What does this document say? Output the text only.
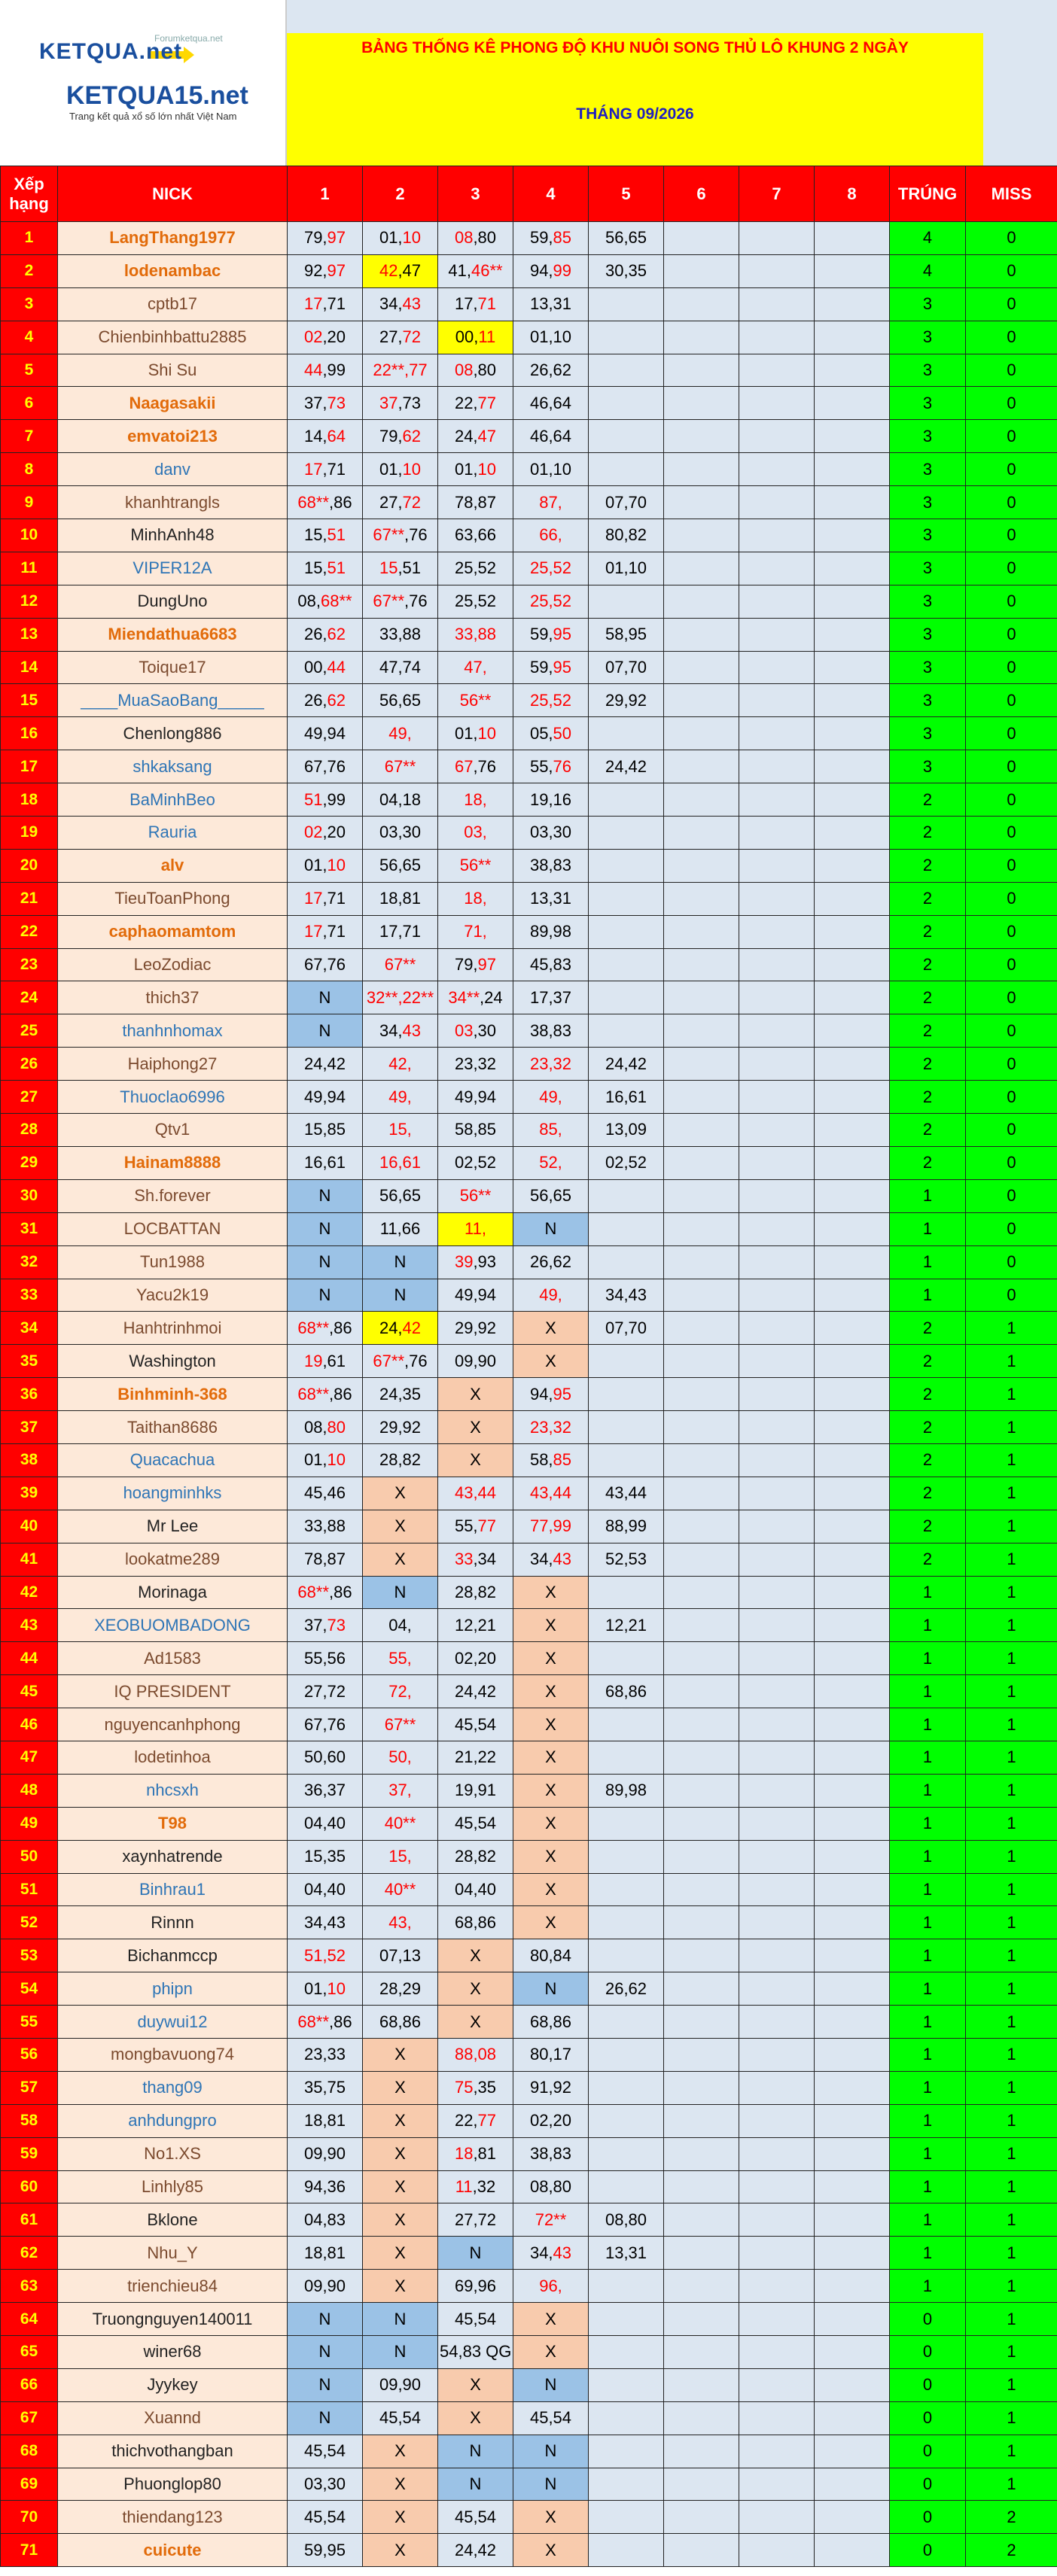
Forumketqua.net
KETQUA.net
KETQUA15.net
Trang kết quả xổ số lớn nhất Việt Nam
BẢNG THỐNG KÊ PHONG ĐỘ KHU NUÔI SONG THỦ LÔ KHUNG 2 NGÀY
THÁNG 09/2026
Xếp hạng	NICK	1	2	3	4	5	6	7	8	TRÚNG	MISS
1	LangThang1977	79,97	01,10	08,80	59,85	56,65				4	0
2	lodenambac	92,97	42,47	41,46**	94,99	30,35				4	0
3	cptb17	17,71	34,43	17,71	13,31					3	0
4	Chienbinhbattu2885	02,20	27,72	00,11	01,10					3	0
5	Shi Su	44,99	22**,77	08,80	26,62					3	0
6	Naagasakii	37,73	37,73	22,77	46,64					3	0
7	emvatoi213	14,64	79,62	24,47	46,64					3	0
8	danv	17,71	01,10	01,10	01,10					3	0
9	khanhtrangls	68**,86	27,72	78,87	87,	07,70				3	0
10	MinhAnh48	15,51	67**,76	63,66	66,	80,82				3	0
11	VIPER12A	15,51	15,51	25,52	25,52	01,10				3	0
12	DungUno	08,68**	67**,76	25,52	25,52					3	0
13	Miendathua6683	26,62	33,88	33,88	59,95	58,95				3	0
14	Toique17	00,44	47,74	47,	59,95	07,70				3	0
15	____MuaSaoBang_____	26,62	56,65	56**	25,52	29,92				3	0
16	Chenlong886	49,94	49,	01,10	05,50					3	0
17	shkaksang	67,76	67**	67,76	55,76	24,42				3	0
18	BaMinhBeo	51,99	04,18	18,	19,16					2	0
19	Rauria	02,20	03,30	03,	03,30					2	0
20	alv	01,10	56,65	56**	38,83					2	0
21	TieuToanPhong	17,71	18,81	18,	13,31					2	0
22	caphaomamtom	17,71	17,71	71,	89,98					2	0
23	LeoZodiac	67,76	67**	79,97	45,83					2	0
24	thich37	N	32**,22**	34**,24	17,37					2	0
25	thanhnhomax	N	34,43	03,30	38,83					2	0
26	Haiphong27	24,42	42,	23,32	23,32	24,42				2	0
27	Thuoclao6996	49,94	49,	49,94	49,	16,61				2	0
28	Qtv1	15,85	15,	58,85	85,	13,09				2	0
29	Hainam8888	16,61	16,61	02,52	52,	02,52				2	0
30	Sh.forever	N	56,65	56**	56,65					1	0
31	LOCBATTAN	N	11,66	11,	N					1	0
32	Tun1988	N	N	39,93	26,62					1	0
33	Yacu2k19	N	N	49,94	49,	34,43				1	0
34	Hanhtrinhmoi	68**,86	24,42	29,92	X	07,70				2	1
35	Washington	19,61	67**,76	09,90	X					2	1
36	Binhminh-368	68**,86	24,35	X	94,95					2	1
37	Taithan8686	08,80	29,92	X	23,32					2	1
38	Quacachua	01,10	28,82	X	58,85					2	1
39	hoangminhks	45,46	X	43,44	43,44	43,44				2	1
40	Mr Lee	33,88	X	55,77	77,99	88,99				2	1
41	lookatme289	78,87	X	33,34	34,43	52,53				2	1
42	Morinaga	68**,86	N	28,82	X					1	1
43	XEOBUOMBADONG	37,73	04,	12,21	X	12,21				1	1
44	Ad1583	55,56	55,	02,20	X					1	1
45	IQ PRESIDENT	27,72	72,	24,42	X	68,86				1	1
46	nguyencanhphong	67,76	67**	45,54	X					1	1
47	lodetinhoa	50,60	50,	21,22	X					1	1
48	nhcsxh	36,37	37,	19,91	X	89,98				1	1
49	T98	04,40	40**	45,54	X					1	1
50	xaynhatrende	15,35	15,	28,82	X					1	1
51	Binhrau1	04,40	40**	04,40	X					1	1
52	Rinnn	34,43	43,	68,86	X					1	1
53	Bichanmccp	51,52	07,13	X	80,84					1	1
54	phipn	01,10	28,29	X	N	26,62				1	1
55	duywui12	68**,86	68,86	X	68,86					1	1
56	mongbavuong74	23,33	X	88,08	80,17					1	1
57	thang09	35,75	X	75,35	91,92					1	1
58	anhdungpro	18,81	X	22,77	02,20					1	1
59	No1.XS	09,90	X	18,81	38,83					1	1
60	Linhly85	94,36	X	11,32	08,80					1	1
61	Bklone	04,83	X	27,72	72**	08,80				1	1
62	Nhu_Y	18,81	X	N	34,43	13,31				1	1
63	trienchieu84	09,90	X	69,96	96,					1	1
64	Truongnguyen140011	N	N	45,54	X					0	1
65	winer68	N	N	54,83 QG	X					0	1
66	Jyykey	N	09,90	X	N					0	1
67	Xuannd	N	45,54	X	45,54					0	1
68	thichvothangban	45,54	X	N	N					0	1
69	Phuonglop80	03,30	X	N	N					0	1
70	thiendang123	45,54	X	45,54	X					0	2
71	cuicute	59,95	X	24,42	X					0	2
